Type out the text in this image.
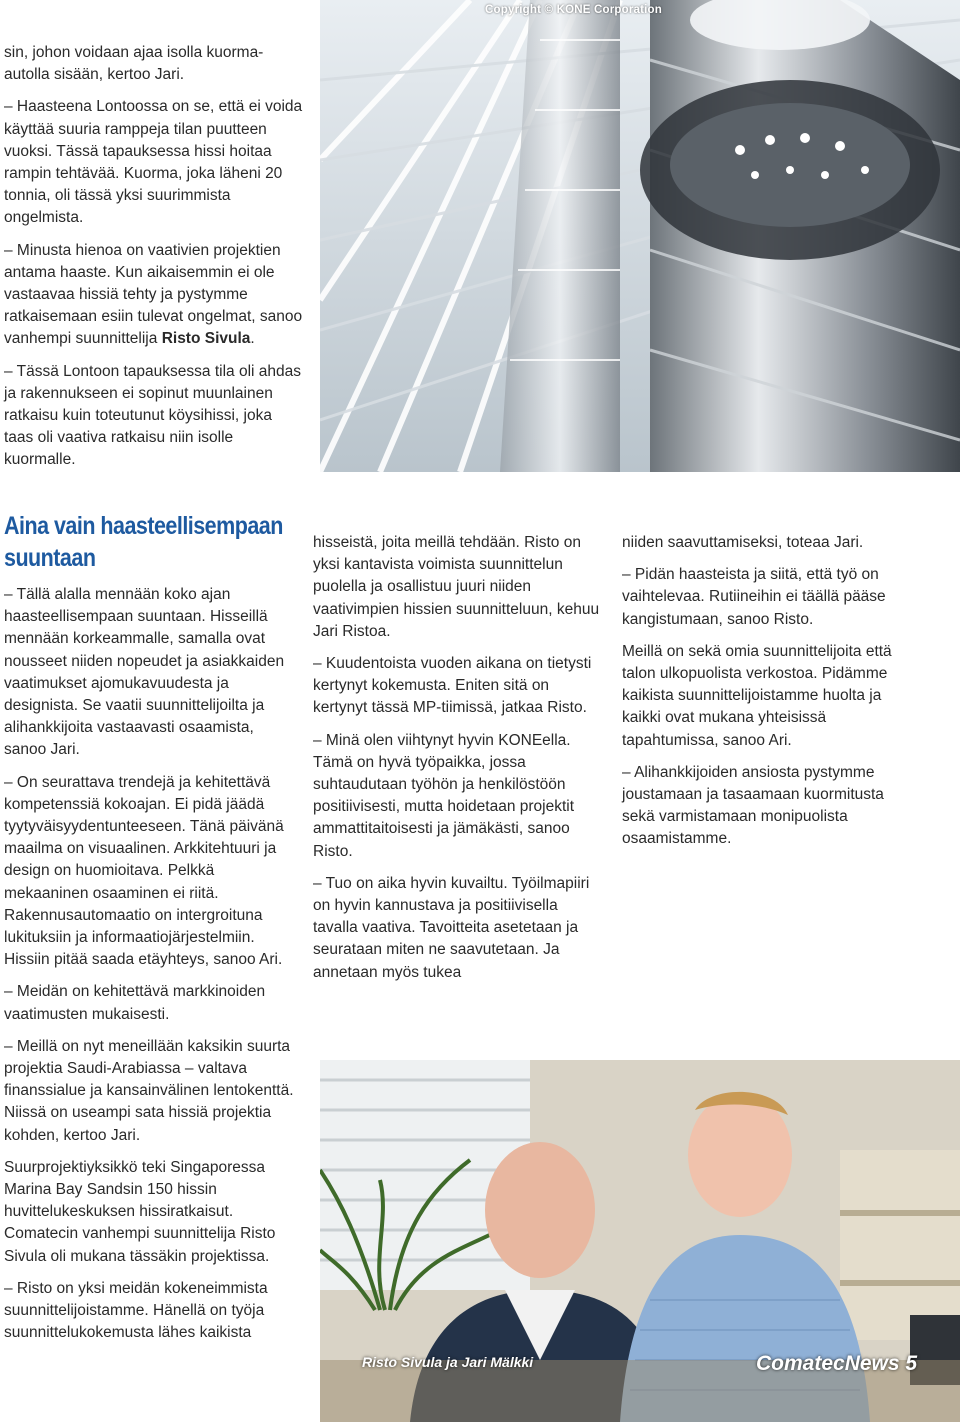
Copyright © KONE Corporation

sin, johon voidaan ajaa isolla kuorma-autolla sisään, kertoo Jari.

– Haasteena Lontoossa on se, että ei voida käyttää suuria ramppeja tilan puutteen vuoksi. Tässä tapauksessa hissi hoitaa rampin tehtävää. Kuorma, joka läheni 20 tonnia, oli tässä yksi suurimmista ongelmista.

– Minusta hienoa on vaativien projektien antama haaste. Kun aikaisemmin ei ole vastaavaa hissiä tehty ja pystymme ratkaisemaan esiin tulevat ongelmat, sanoo vanhempi suunnittelija Risto Sivula.

– Tässä Lontoon tapauksessa tila oli ahdas ja rakennukseen ei sopinut muunlainen ratkaisu kuin toteutunut köysihissi, joka taas oli vaativa ratkaisu niin isolle kuormalle.

Aina vain haasteellisempaan suuntaan

– Tällä alalla mennään koko ajan haasteellisempaan suuntaan. Hisseillä mennään korkeammalle, samalla ovat nousseet niiden nopeudet ja asiakkaiden vaatimukset ajomukavuudesta ja designista. Se vaatii suunnittelijoilta ja alihankkijoita vastaavasti osaamista, sanoo Jari.

– On seurattava trendejä ja kehitettävä kompetenssiä kokoajan. Ei pidä jäädä tyytyväisyydentunteeseen. Tänä päivänä maailma on visuaalinen. Arkkitehtuuri ja design on huomioitava. Pelkkä mekaaninen osaaminen ei riitä. Rakennusautomaatio on intergroituna lukituksiin ja informaatiojärjestelmiin. Hissiin pitää saada etäyhteys, sanoo Ari.

– Meidän on kehitettävä markkinoiden vaatimusten mukaisesti.

– Meillä on nyt meneillään kaksikin suurta projektia Saudi-Arabiassa – valtava finanssialue ja kansainvälinen lentokenttä. Niissä on useampi sata hissiä projektia kohden, kertoo Jari.

Suurprojektiyksikkö teki Singaporessa Marina Bay Sandsin 150 hissin huvittelukeskuksen hissiratkaisut. Comatecin vanhempi suunnittelija Risto Sivula oli mukana tässäkin projektissa.

– Risto on yksi meidän kokeneimmista suunnittelijoistamme. Hänellä on työja suunnittelukokemusta lähes kaikista

hisseistä, joita meillä tehdään. Risto on yksi kantavista voimista suunnittelun puolella ja osallistuu juuri niiden vaativimpien hissien suunnitteluun, kehuu Jari Ristoa.

– Kuudentoista vuoden aikana on tietysti kertynyt kokemusta. Eniten sitä on kertynyt tässä MP-tiimissä, jatkaa Risto.

– Minä olen viihtynyt hyvin KONEella. Tämä on hyvä työpaikka, jossa suhtaudutaan työhön ja henkilöstöön positiivisesti, mutta hoidetaan projektit ammattitaitoisesti ja jämäkästi, sanoo Risto.

– Tuo on aika hyvin kuvailtu. Työilmapiiri on hyvin kannustava ja positiivisella tavalla vaativa. Tavoitteita asetetaan ja seurataan miten ne saavutetaan. Ja annetaan myös tukea

niiden saavuttamiseksi, toteaa Jari.

– Pidän haasteista ja siitä, että työ on vaihtelevaa. Rutiineihin ei täällä pääse kangistumaan, sanoo Risto.

Meillä on sekä omia suunnittelijoita että talon ulkopuolista verkostoa. Pidämme kaikista suunnittelijoistamme huolta ja kaikki ovat mukana yhteisissä tapahtumissa, sanoo Ari.

– Alihankkijoiden ansiosta pystymme joustamaan ja tasaamaan kuormitusta sekä varmistamaan monipuolista osaamistamme.

Risto Sivula ja Jari Mälkki	ComatecNews 5
